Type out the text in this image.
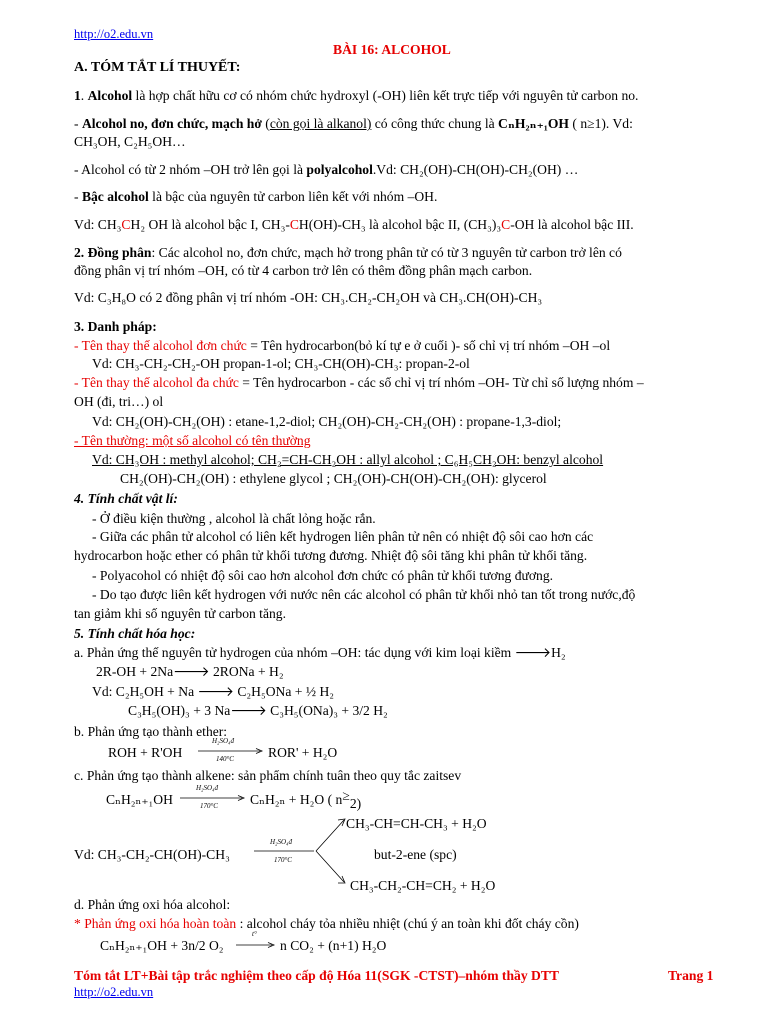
http://o2.edu.vn
BÀI 16: ALCOHOL
A. TÓM TẮT LÍ THUYẾT:
1. Alcohol là hợp chất hữu cơ có nhóm chức hydroxyl (-OH) liên kết trực tiếp với nguyên tử carbon no.
- Alcohol no, đơn chức, mạch hở (còn gọi là alkanol) có công thức chung là CₙH₂ₙ₊₁OH ( n≥1). Vd:
CH₃OH, C₂H₅OH…
- Alcohol có từ 2 nhóm –OH trở lên gọi là polyalcohol.Vd: CH₂(OH)-CH(OH)-CH₂(OH) …
- Bậc alcohol là bậc của nguyên tử carbon liên kết với nhóm –OH.
Vd: CH₃CH₂ OH là alcohol bậc I, CH₃-CH(OH)-CH₃ là alcohol bậc II, (CH₃)₃C-OH là alcohol bậc III.
2. Đồng phân: Các alcohol no, đơn chức, mạch hở trong phân tử có từ 3 nguyên tử carbon trở lên có
đồng phân vị trí nhóm –OH, có từ 4 carbon trở lên có thêm đồng phân mạch carbon.
Vd: C₃H₈O có 2 đồng phân vị trí nhóm -OH: CH₃.CH₂-CH₂OH và CH₃.CH(OH)-CH₃
3. Danh pháp:
- Tên thay thế alcohol đơn chức = Tên hydrocarbon(bỏ kí tự e ở cuối )- số chỉ vị trí nhóm –OH –ol
Vd: CH₃-CH₂-CH₂-OH propan-1-ol; CH₃-CH(OH)-CH₃: propan-2-ol
- Tên thay thế alcohol đa chức = Tên hydrocarbon - các số chỉ vị trí nhóm –OH- Từ chỉ số lượng nhóm –
OH (đi, tri…) ol
Vd: CH₂(OH)-CH₂(OH) : etane-1,2-diol; CH₂(OH)-CH₂-CH₂(OH) : propane-1,3-diol;
- Tên thường: một số alcohol có tên thường
Vd: CH₃OH : methyl alcohol; CH₂=CH-CH₂OH : allyl alcohol ; C₆H₅CH₂OH: benzyl alcohol
CH₂(OH)-CH₂(OH) : ethylene glycol ; CH₂(OH)-CH(OH)-CH₂(OH): glycerol
4. Tính chất vật lí:
- Ở điều kiện thường , alcohol là chất lỏng hoặc rắn.
- Giữa các phân tử alcohol có liên kết hydrogen liên phân tử nên có nhiệt độ sôi cao hơn các
hydrocarbon hoặc ether có phân tử khối tương đương. Nhiệt độ sôi tăng khi phân tử khối tăng.
- Polyacohol có nhiệt độ sôi cao hơn alcohol đơn chức có phân tử khối tương đương.
- Do tạo được liên kết hydrogen với nước nên các alcohol có phân tử khối nhỏ tan tốt trong nước,độ
tan giảm khi số nguyên tử carbon tăng.
5. Tính chất hóa học:
a. Phản ứng thế nguyên tử hydrogen của nhóm –OH: tác dụng với kim loại kiềm 🡒H₂
2R-OH + 2Na🡒 2RONa + H₂
Vd: C₂H₅OH + Na 🡒 C₂H₅ONa + ½ H₂
C₃H₅(OH)₃ + 3 Na🡒 C₃H₅(ONa)₃ + 3/2 H₂
b. Phản ứng tạo thành ether:
ROH + R'OH
H₂SO₄đ
140°C	ROR' + H₂O
c. Phản ứng tạo thành alkene: sản phẩm chính tuân theo quy tắc zaitsev
CₙH₂ₙ₊₁OH
H₂SO₄đ
170°C CₙH₂ₙ + H₂O ( n≥2)
CH₃-CH=CH-CH₃ + H₂O
Vd: CH₃-CH₂-CH(OH)-CH₃
H₂SO₄đ
170°C	but-2-ene (spc)
CH₃-CH₂-CH=CH₂ + H₂O
d. Phản ứng oxi hóa alcohol:
* Phản ứng oxi hóa hoàn toàn : alcohol cháy tỏa nhiều nhiệt (chú ý an toàn khi đốt cháy cồn)
CₙH₂ₙ₊₁OH + 3n/2 O₂
t°
→ n CO₂ + (n+1) H₂O
Tóm tắt LT+Bài tập trắc nghiệm theo cấp độ Hóa 11(SGK -CTST)–nhóm thầy DTT	Trang 1
http://o2.edu.vn
